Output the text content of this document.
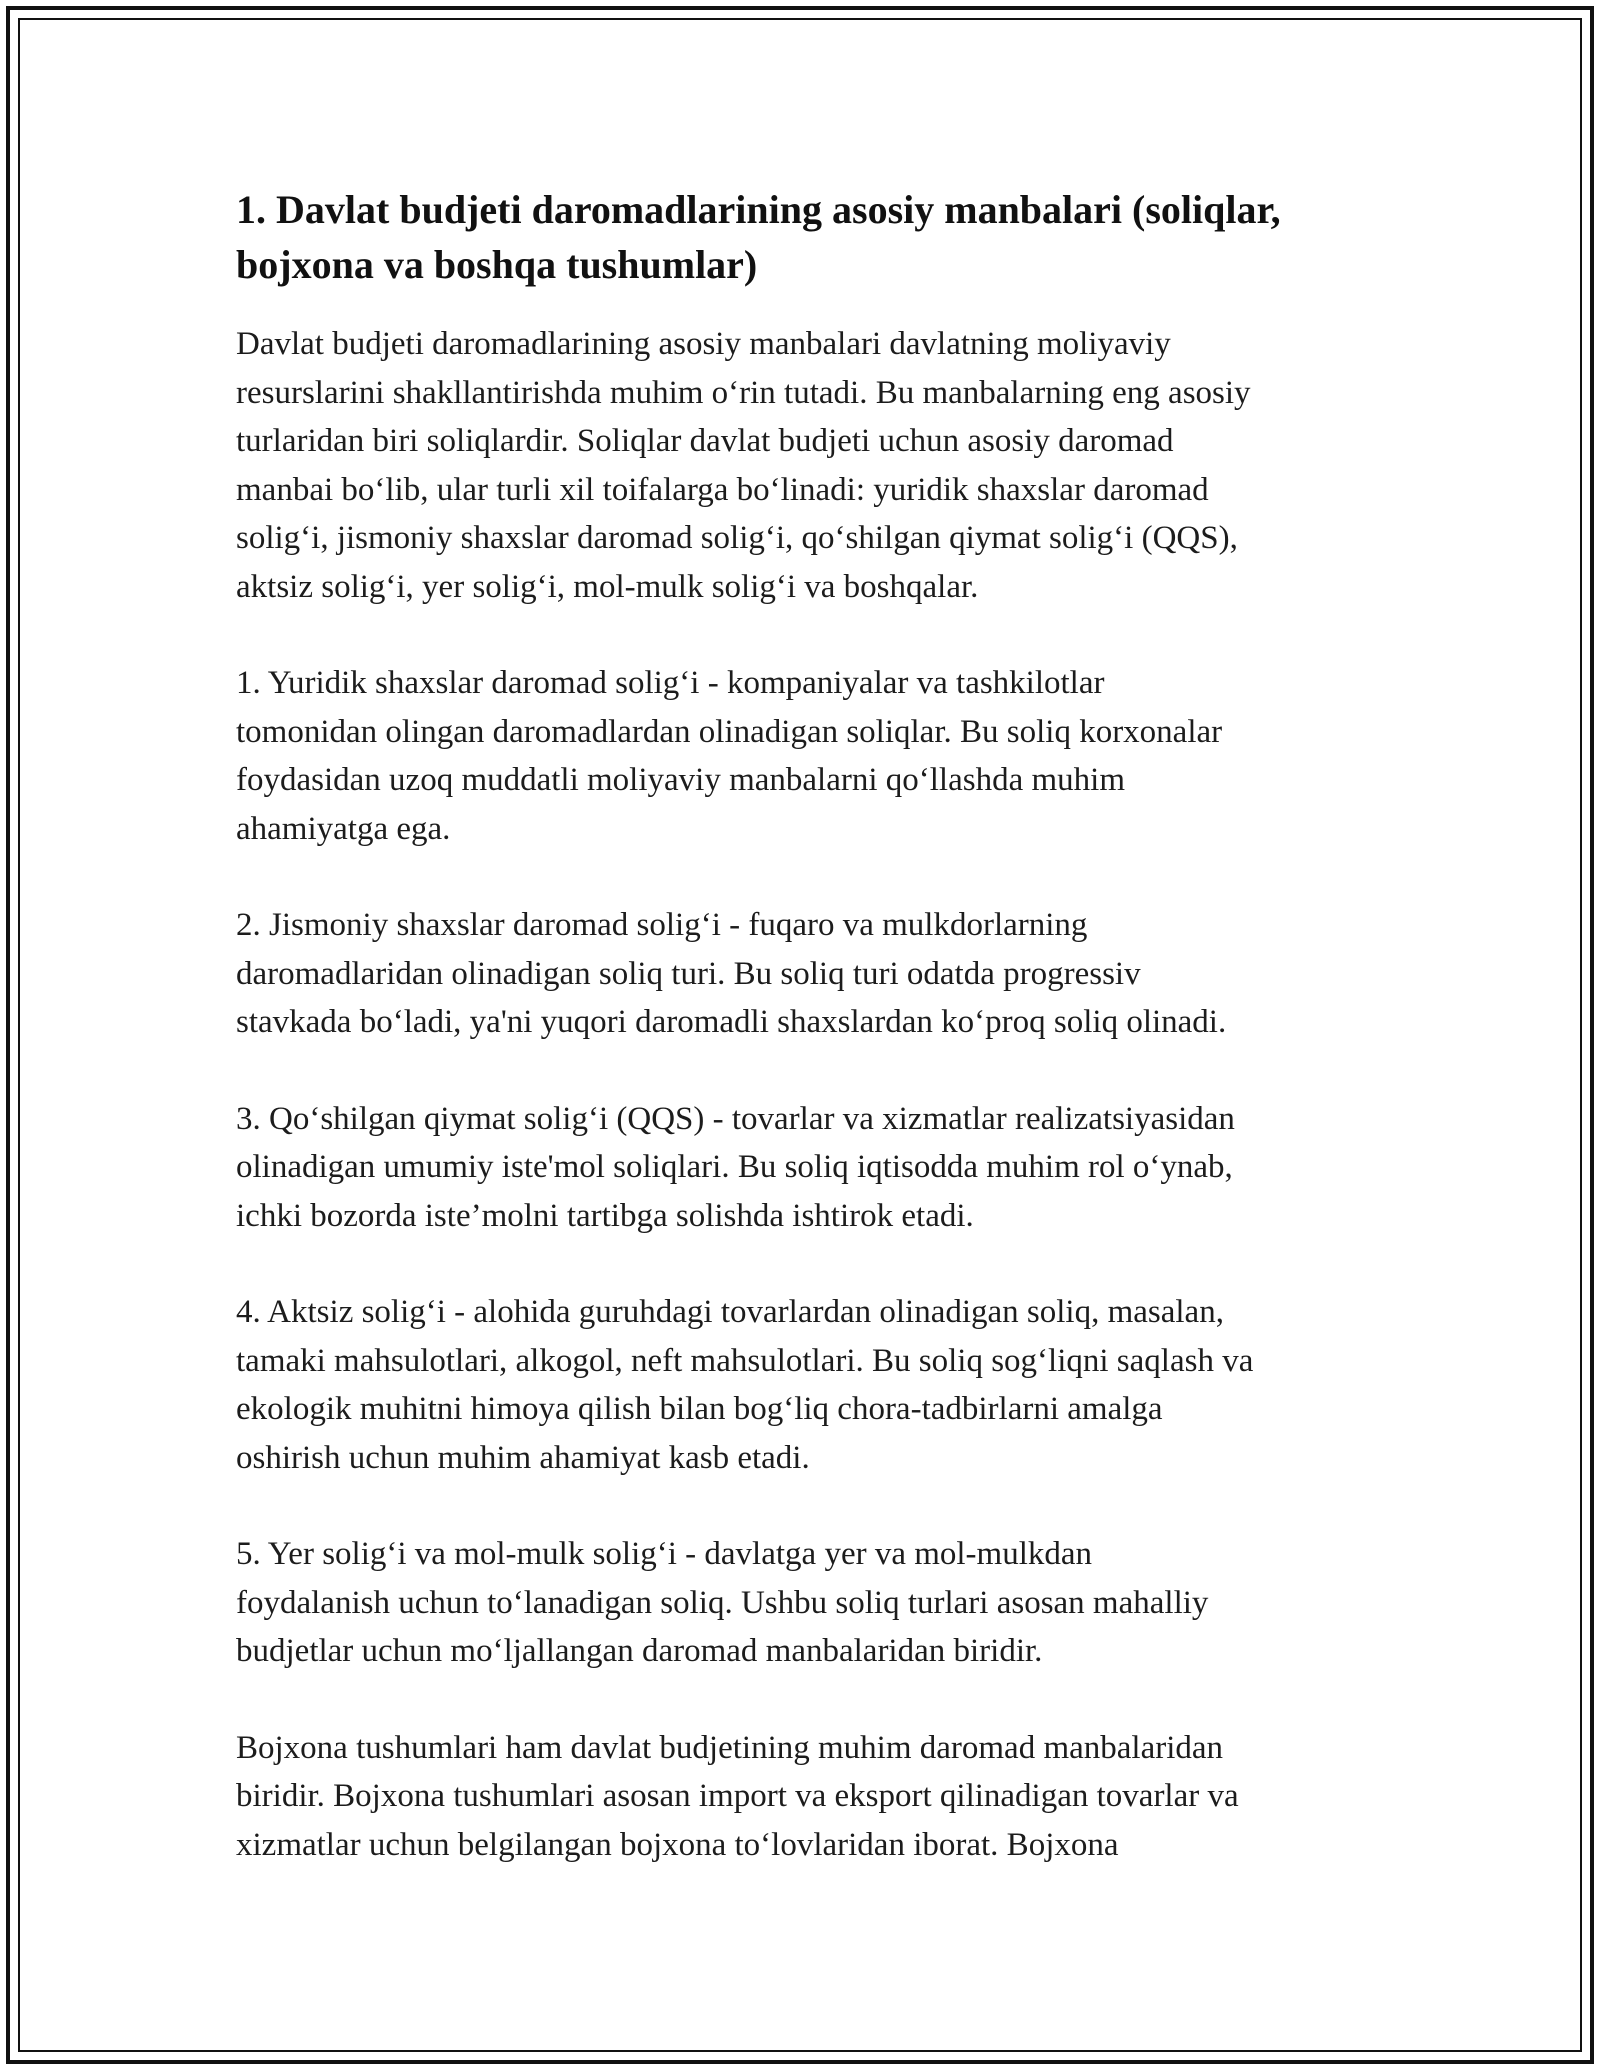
1. Davlat budjeti daromadlarining asosiy manbalari (soliqlar,
bojxona va boshqa tushumlar)

Davlat budjeti daromadlarining asosiy manbalari davlatning moliyaviy
resurslarini shakllantirishda muhim o‘rin tutadi. Bu manbalarning eng asosiy
turlaridan biri soliqlardir. Soliqlar davlat budjeti uchun asosiy daromad
manbai bo‘lib, ular turli xil toifalarga bo‘linadi: yuridik shaxslar daromad
solig‘i, jismoniy shaxslar daromad solig‘i, qo‘shilgan qiymat solig‘i (QQS),
aktsiz solig‘i, yer solig‘i, mol-mulk solig‘i va boshqalar.

1. Yuridik shaxslar daromad solig‘i - kompaniyalar va tashkilotlar
tomonidan olingan daromadlardan olinadigan soliqlar. Bu soliq korxonalar
foydasidan uzoq muddatli moliyaviy manbalarni qo‘llashda muhim
ahamiyatga ega.

2. Jismoniy shaxslar daromad solig‘i - fuqaro va mulkdorlarning
daromadlaridan olinadigan soliq turi. Bu soliq turi odatda progressiv
stavkada bo‘ladi, ya'ni yuqori daromadli shaxslardan ko‘proq soliq olinadi.

3. Qo‘shilgan qiymat solig‘i (QQS) - tovarlar va xizmatlar realizatsiyasidan
olinadigan umumiy iste'mol soliqlari. Bu soliq iqtisodda muhim rol o‘ynab,
ichki bozorda iste’molni tartibga solishda ishtirok etadi.

4. Aktsiz solig‘i - alohida guruhdagi tovarlardan olinadigan soliq, masalan,
tamaki mahsulotlari, alkogol, neft mahsulotlari. Bu soliq sog‘liqni saqlash va
ekologik muhitni himoya qilish bilan bog‘liq chora-tadbirlarni amalga
oshirish uchun muhim ahamiyat kasb etadi.

5. Yer solig‘i va mol-mulk solig‘i - davlatga yer va mol-mulkdan
foydalanish uchun to‘lanadigan soliq. Ushbu soliq turlari asosan mahalliy
budjetlar uchun mo‘ljallangan daromad manbalaridan biridir.

Bojxona tushumlari ham davlat budjetining muhim daromad manbalaridan
biridir. Bojxona tushumlari asosan import va eksport qilinadigan tovarlar va
xizmatlar uchun belgilangan bojxona to‘lovlaridan iborat. Bojxona
